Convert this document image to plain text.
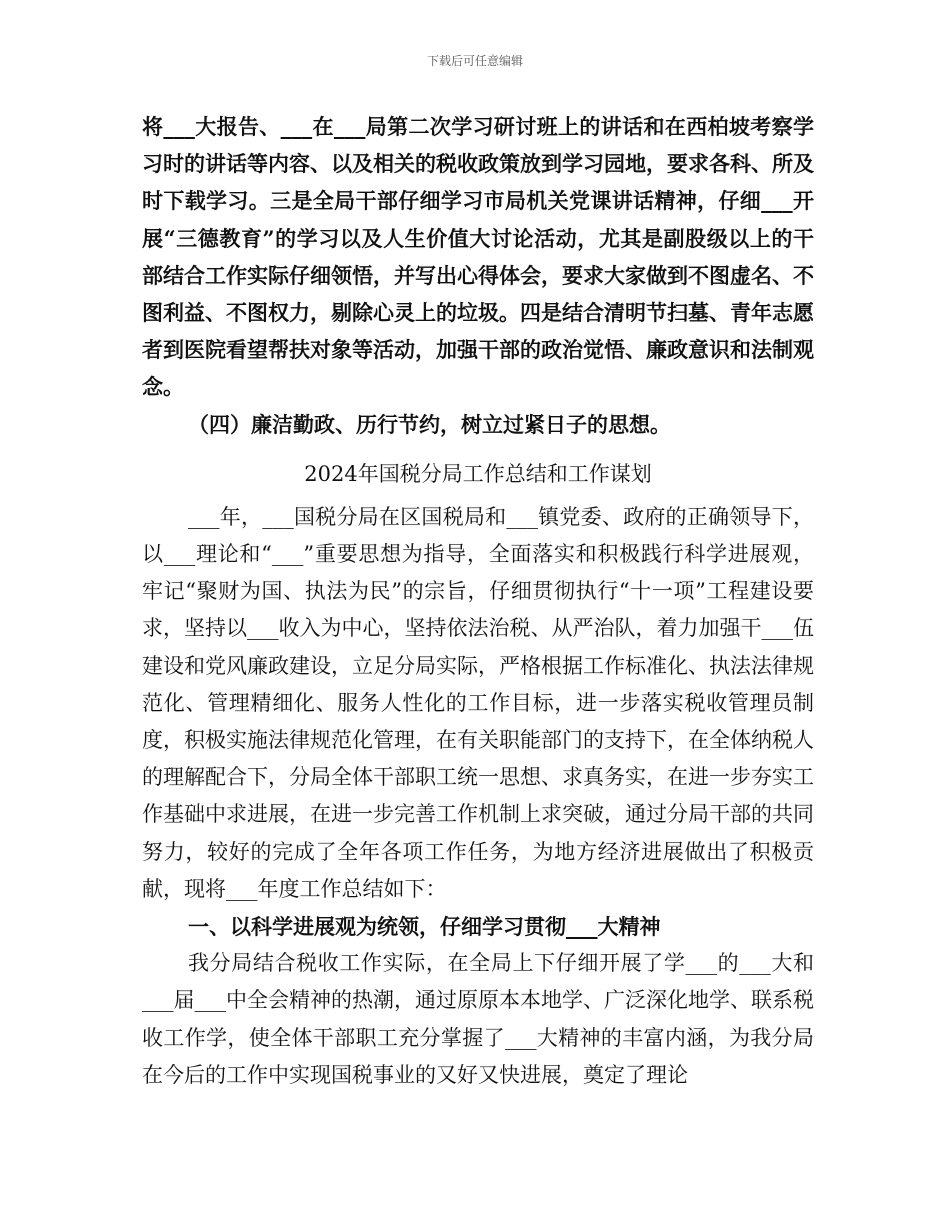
下载后可任意编辑

将___大报告、___在___局第二次学习研讨班上的讲话和在西柏坡考察学习时的讲话等内容、以及相关的税收政策放到学习园地，要求各科、所及时下载学习。三是全局干部仔细学习市局机关党课讲话精神，仔细___开展“三德教育”的学习以及人生价值大讨论活动，尤其是副股级以上的干部结合工作实际仔细领悟，并写出心得体会，要求大家做到不图虚名、不图利益、不图权力，剔除心灵上的垃圾。四是结合清明节扫墓、青年志愿者到医院看望帮扶对象等活动，加强干部的政治觉悟、廉政意识和法制观念。

（四）廉洁勤政、历行节约，树立过紧日子的思想。

2024年国税分局工作总结和工作谋划

___年，___国税分局在区国税局和___镇党委、政府的正确领导下，以___理论和“___”重要思想为指导，全面落实和积极践行科学进展观，牢记“聚财为国、执法为民”的宗旨，仔细贯彻执行“十一项”工程建设要求，坚持以___收入为中心，坚持依法治税、从严治队，着力加强干___伍建设和党风廉政建设，立足分局实际，严格根据工作标准化、执法法律规范化、管理精细化、服务人性化的工作目标，进一步落实税收管理员制度，积极实施法律规范化管理，在有关职能部门的支持下，在全体纳税人的理解配合下，分局全体干部职工统一思想、求真务实，在进一步夯实工作基础中求进展，在进一步完善工作机制上求突破，通过分局干部的共同努力，较好的完成了全年各项工作任务，为地方经济进展做出了积极贡献，现将___年度工作总结如下：

一、以科学进展观为统领，仔细学习贯彻___大精神

我分局结合税收工作实际，在全局上下仔细开展了学___的___大和___届___中全会精神的热潮，通过原原本本地学、广泛深化地学、联系税收工作学，使全体干部职工充分掌握了___大精神的丰富内涵，为我分局在今后的工作中实现国税事业的又好又快进展，奠定了理论
